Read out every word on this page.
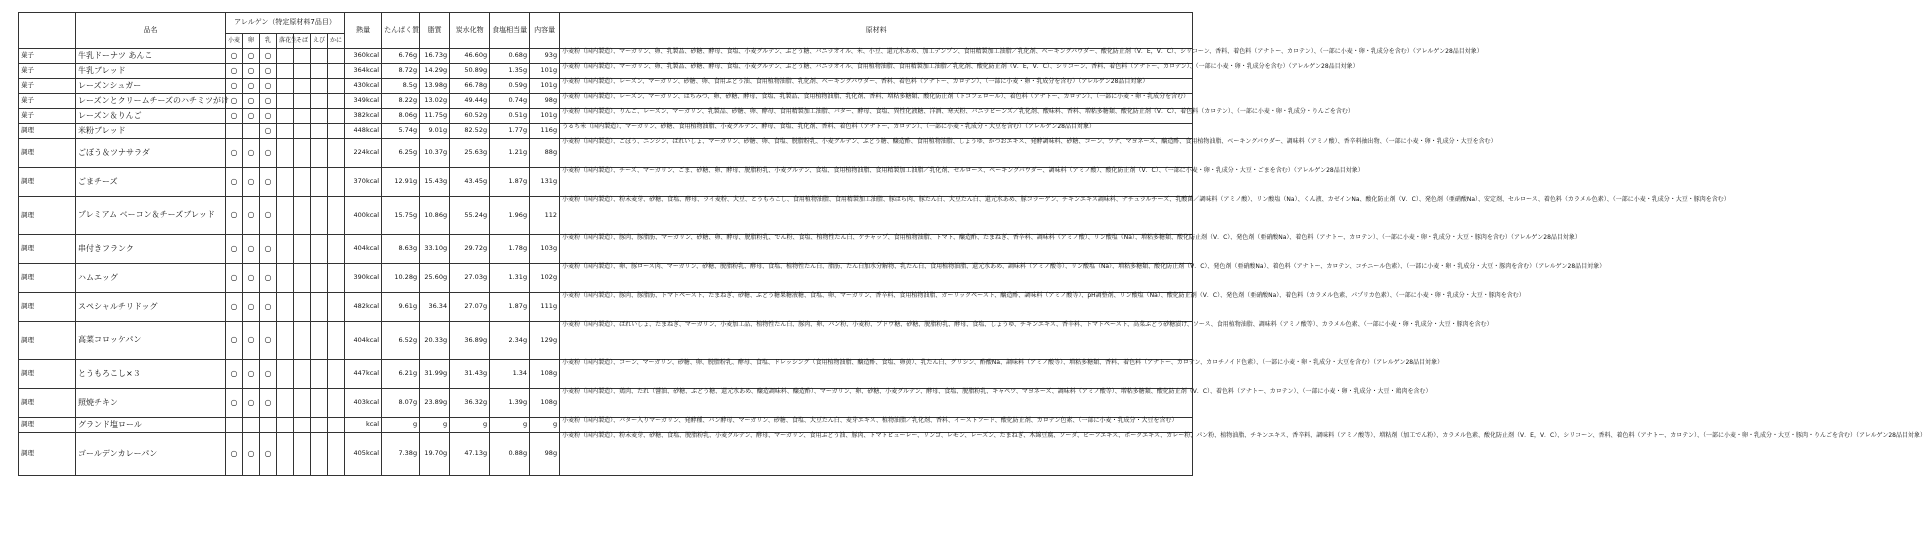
	品名	アレルゲン（特定原材料7品目）							熱量	たんぱく質	脂質	炭水化物	食塩相当量	内容量	原材料
		小麦	卵	乳	落花生	そば	えび	かに							
菓子	牛乳ドーナツ あんこ	○	○	○					360kcal	6.76g	16.73g	46.60g	0.68g	93g	小麦粉（国内製造）、マーガリン、卵、乳製品、砂糖、酵母、食塩、小麦グルテン、ぶどう糖、バニラオイル、米、小豆、還元水あめ、加工デンプン、食用精製加工油脂／乳化剤、ベーキングパウダー、酸化防止剤（V．E，V．C）、シリコーン、香料、着色料（アナトー、カロテン）、（一部に小麦・卵・乳成分を含む）（アレルゲン28品目対象）
菓子	牛乳ブレッド	○	○	○					364kcal	8.72g	14.29g	50.89g	1.35g	101g	小麦粉（国内製造）、マーガリン、卵、乳製品、砂糖、酵母、食塩、小麦グルテン、ぶどう糖、バニラオイル、食用植物油脂、食用精製加工油脂／乳化剤、酸化防止剤（V．E，V．C）、シリコーン、香料、着色料（アナトー、カロテン）、（一部に小麦・卵・乳成分を含む）（アレルゲン28品目対象）
菓子	レーズンシュガー	○	○	○					430kcal	8.5g	13.98g	66.78g	0.59g	101g	小麦粉（国内製造）、レーズン、マーガリン、砂糖、卵、食用ぶどう油、食用植物油脂、乳化剤、ベーキングパウダー、香料、着色料（アナトー、カロテン）、（一部に小麦・卵・乳成分を含む）（アレルゲン28品目対象）
菓子	レーズンとクリームチーズのハチミツがけ	○	○	○					349kcal	8.22g	13.02g	49.44g	0.74g	98g	小麦粉（国内製造）、レーズン、マーガリン、はちみつ、卵、砂糖、酵母、食塩、乳製品、食用植物油脂、乳化剤、香料、増粘多糖類、酸化防止剤（トコフェロール）、着色料（アナトー、カロテン）、（一部に小麦・卵・乳成分を含む）
菓子	レーズン＆りんご	○	○	○					382kcal	8.06g	11.75g	60.52g	0.51g	101g	小麦粉（国内製造）、りんご、レーズン、マーガリン、乳製品、砂糖、卵、酵母、食用精製加工油脂、バター、酵母、食塩、異性化液糖、洋酒、寒天粉、バニラビーンズ／乳化剤、酸味料、香料、増粘多糖類、酸化防止剤（V．C）、着色料（カロテン）、（一部に小麦・卵・乳成分・りんごを含む）
調理	米粉ブレッド			○					448kcal	5.74g	9.01g	82.52g	1.77g	116g	うるち米（国内製造）、マーガリン、砂糖、食用植物油脂、小麦グルテン、酵母、食塩、乳化剤、香料、着色料（アナトー、カロテン）、（一部に小麦・乳成分・大豆を含む）（アレルゲン28品目対象）
調理	ごぼう＆ツナサラダ	○	○	○					224kcal	6.25g	10.37g	25.63g	1.21g	88g	小麦粉（国内製造）、ごぼう、ニンジン、ばれいしょ、マーガリン、砂糖、卵、食塩、脱脂粉乳、小麦グルテン、ぶどう糖、醸造酢、食用植物油脂、しょうゆ、かつおエキス、発酵調味料、砂糖、コーン、ツナ、マヨネーズ、醸造酢、食用植物油脂、ベーキングパウダー、調味料（アミノ酸）、香辛料抽出物、（一部に小麦・卵・乳成分・大豆を含む）
調理	ごまチーズ	○	○	○					370kcal	12.91g	15.43g	43.45g	1.87g	131g	小麦粉（国内製造）、チーズ、マーガリン、ごま、砂糖、卵、酵母、脱脂粉乳、小麦グルテン、食塩、食用植物油脂、食用精製加工油脂／乳化剤、セルロース、ベーキングパウダー、調味料（アミノ酸）、酸化防止剤（V．C）、（一部に小麦・卵・乳成分・大豆・ごまを含む）（アレルゲン28品目対象）
調理	プレミアム ベーコン＆チーズブレッド	○	○	○					400kcal	15.75g	10.86g	55.24g	1.96g	112	小麦粉（国内製造）、粉末麦芽、砂糖、食塩、酵母、ライ麦粉、大豆、とうもろこし、食用植物油脂、食用精製加工油脂、豚ばら肉、豚たん白、大豆たん白、還元水あめ、豚コラーゲン、チキンエキス調味料、ナチュラルチーズ、乳酸菌／調味料（アミノ酸）、リン酸塩（Na）、くん液、カゼインNa、酸化防止剤（V．C）、発色剤（亜硝酸Na）、安定剤、セルロース、着色料（カラメル色素）、（一部に小麦・乳成分・大豆・豚肉を含む）
調理	串付きフランク	○	○	○					404kcal	8.63g	33.10g	29.72g	1.78g	103g	小麦粉（国内製造）、豚肉、豚脂肪、マーガリン、砂糖、卵、酵母、脱脂粉乳、でん粉、食塩、植物性たん白、ケチャップ、食用植物油脂、トマト、醸造酢、たまねぎ、香辛料、調味料（アミノ酸）、リン酸塩（Na）、増粘多糖類、酸化防止剤（V．C）、発色剤（亜硝酸Na）、着色料（アナトー、カロテン）、（一部に小麦・卵・乳成分・大豆・豚肉を含む）（アレルゲン28品目対象）
調理	ハムエッグ	○	○	○					390kcal	10.28g	25.60g	27.03g	1.31g	102g	小麦粉（国内製造）、卵、豚ロース肉、マーガリン、砂糖、脱脂粉乳、酵母、食塩、植物性たん白、脂肪、たん白加水分解物、乳たん白、食用植物油脂、還元水あめ、調味料（アミノ酸等）、リン酸塩（Na）、増粘多糖類、酸化防止剤（V．C）、発色剤（亜硝酸Na）、着色料（アナトー、カロテン、コチニール色素）、（一部に小麦・卵・乳成分・大豆・豚肉を含む）（アレルゲン28品目対象）
調理	スペシャルチリドッグ	○	○	○					482kcal	9.61g	36.34	27.07g	1.87g	111g	小麦粉（国内製造）、豚肉、豚脂肪、トマトペースト、たまねぎ、砂糖、ぶどう糖果糖液糖、食塩、卵、マーガリン、香辛料、食用植物油脂、ガーリックペースト、醸造酢、調味料（アミノ酸等）、pH調整剤、リン酸塩（Na）、酸化防止剤（V．C）、発色剤（亜硝酸Na）、着色料（カラメル色素、パプリカ色素）、（一部に小麦・卵・乳成分・大豆・豚肉を含む）
調理	高菜コロッケパン	○	○	○					404kcal	6.52g	20.33g	36.89g	2.34g	129g	小麦粉（国内製造）、ばれいしょ、たまねぎ、マーガリン、小麦加工品、植物性たん白、豚肉、卵、パン粉、小麦粉、ブドウ糖、砂糖、脱脂粉乳、酵母、食塩、しょうゆ、チキンエキス、香辛料、トマトペースト、高菜ぶどう砂糖漬け、ソース、食用植物油脂、調味料（アミノ酸等）、カラメル色素、（一部に小麦・卵・乳成分・大豆・豚肉を含む）
調理	とうもろこし×３	○	○	○					447kcal	6.21g	31.99g	31.43g	1.34	108g	小麦粉（国内製造）、コーン、マーガリン、砂糖、卵、脱脂粉乳、酵母、食塩、ドレッシング（食用植物油脂、醸造酢、食塩、卵黄）、乳たん白、グリシン、酢酸Na、調味料（アミノ酸等）、増粘多糖類、香料、着色料（アナトー、カロテン、カロチノイド色素）、（一部に小麦・卵・乳成分・大豆を含む）（アレルゲン28品目対象）
調理	照焼チキン	○	○	○					403kcal	8.07g	23.89g	36.32g	1.39g	108g	小麦粉（国内製造）、鶏肉、たれ（醤油、砂糖、ぶどう糖、還元水あめ、醸造調味料、醸造酢）、マーガリン、卵、砂糖、小麦グルテン、酵母、食塩、脱脂粉乳、キャベツ、マヨネーズ、調味料（アミノ酸等）、増粘多糖類、酸化防止剤（V．C）、着色料（アナトー、カロテン）、（一部に小麦・卵・乳成分・大豆・鶏肉を含む）
調理	グランド塩ロール								kcal	g	g	g	g	g	小麦粉（国内製造）、バター入りマーガリン、発酵種、パン酵母、マーガリン、砂糖、食塩、大豆たん白、麦芽エキス、植物油脂／乳化剤、香料、イーストフード、酸化防止剤、カロテン色素、（一部に小麦・乳成分・大豆を含む）
調理	ゴールデンカレーパン	○	○	○					405kcal	7.38g	19.70g	47.13g	0.88g	98g	小麦粉（国内製造）、粉末麦芽、砂糖、食塩、脱脂粉乳、小麦グルテン、酵母、マーガリン、食用ぶどう油、豚肉、トマトピューレー、リンゴ、レモン、レーズン、たまねぎ、木綿豆腐、ソーダ、ビーフエキス、ポークエキス、カレー粉、パン粉、植物油脂、チキンエキス、香辛料、調味料（アミノ酸等）、増粘剤（加工でん粉）、カラメル色素、酸化防止剤（V．E，V．C）、シリコーン、香料、着色料（アナトー、カロテン）、（一部に小麦・卵・乳成分・大豆・豚肉・りんごを含む）（アレルゲン28品目対象）
